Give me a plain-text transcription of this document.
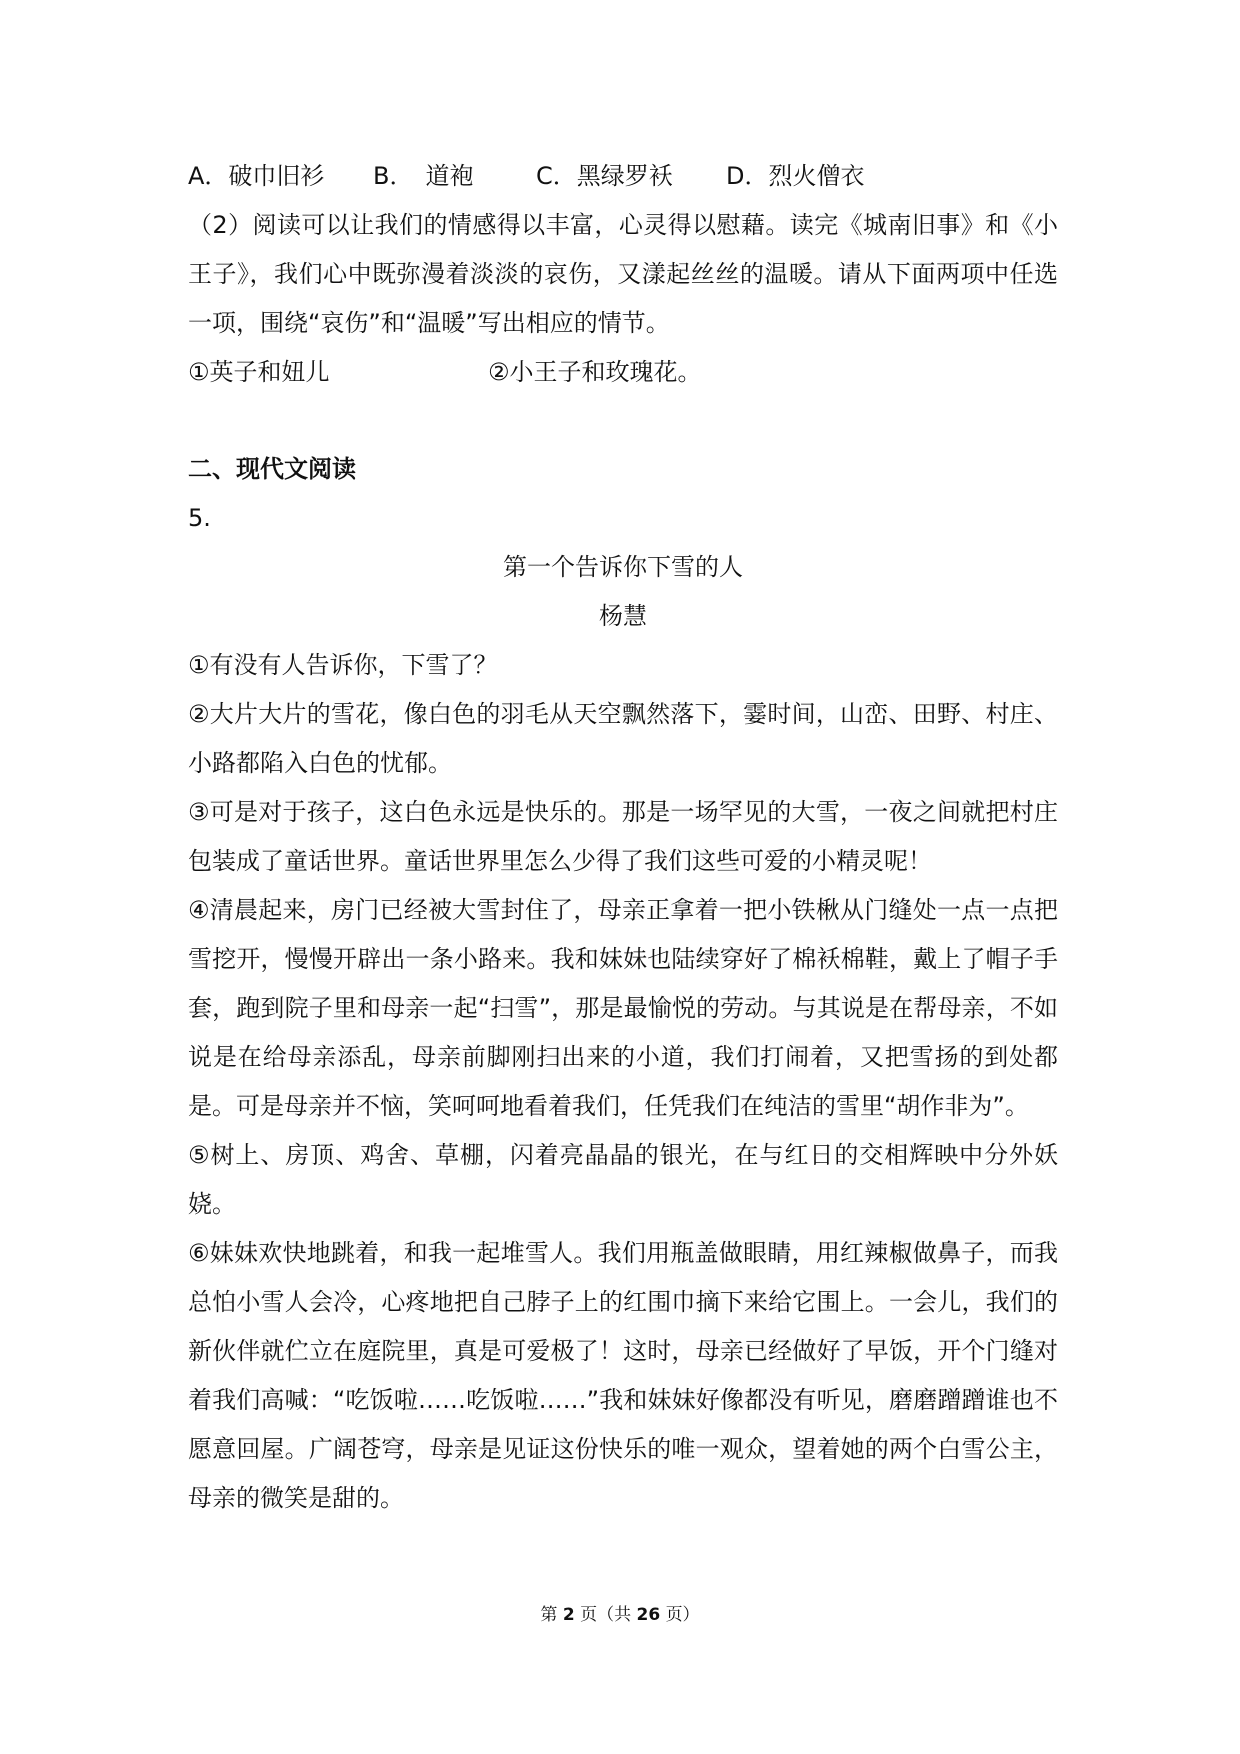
A．破巾旧衫 B．　道袍	C．黑绿罗袄 D．烈火僧衣

（2）阅读可以让我们的情感得以丰富，心灵得以慰藉。读完《城南旧事》和《小王子》，我们心中既弥漫着淡淡的哀伤，又漾起丝丝的温暖。请从下面两项中任选一项，围绕“哀伤”和“温暖”写出相应的情节。

①英子和妞儿	②小王子和玫瑰花。
二、现代文阅读
5.
第一个告诉你下雪的人
杨慧

①有没有人告诉你，下雪了？

②大片大片的雪花，像白色的羽毛从天空飘然落下，霎时间，山峦、田野、村庄、小路都陷入白色的忧郁。

③可是对于孩子，这白色永远是快乐的。那是一场罕见的大雪，一夜之间就把村庄包装成了童话世界。童话世界里怎么少得了我们这些可爱的小精灵呢！

④清晨起来，房门已经被大雪封住了，母亲正拿着一把小铁楸从门缝处一点一点把雪挖开，慢慢开辟出一条小路来。我和妹妹也陆续穿好了棉袄棉鞋，戴上了帽子手套，跑到院子里和母亲一起“扫雪”，那是最愉悦的劳动。与其说是在帮母亲，不如说是在给母亲添乱，母亲前脚刚扫出来的小道，我们打闹着，又把雪扬的到处都是。可是母亲并不恼，笑呵呵地看着我们，任凭我们在纯洁的雪里“胡作非为”。

⑤树上、房顶、鸡舍、草棚，闪着亮晶晶的银光，在与红日的交相辉映中分外妖娆。

⑥妹妹欢快地跳着，和我一起堆雪人。我们用瓶盖做眼睛，用红辣椒做鼻子，而我总怕小雪人会冷，心疼地把自己脖子上的红围巾摘下来给它围上。一会儿，我们的新伙伴就伫立在庭院里，真是可爱极了！这时，母亲已经做好了早饭，开个门缝对着我们高喊：“吃饭啦……吃饭啦……”我和妹妹好像都没有听见，磨磨蹭蹭谁也不愿意回屋。广阔苍穹，母亲是见证这份快乐的唯一观众，望着她的两个白雪公主，母亲的微笑是甜的。

第 2 页（共 26 页）
